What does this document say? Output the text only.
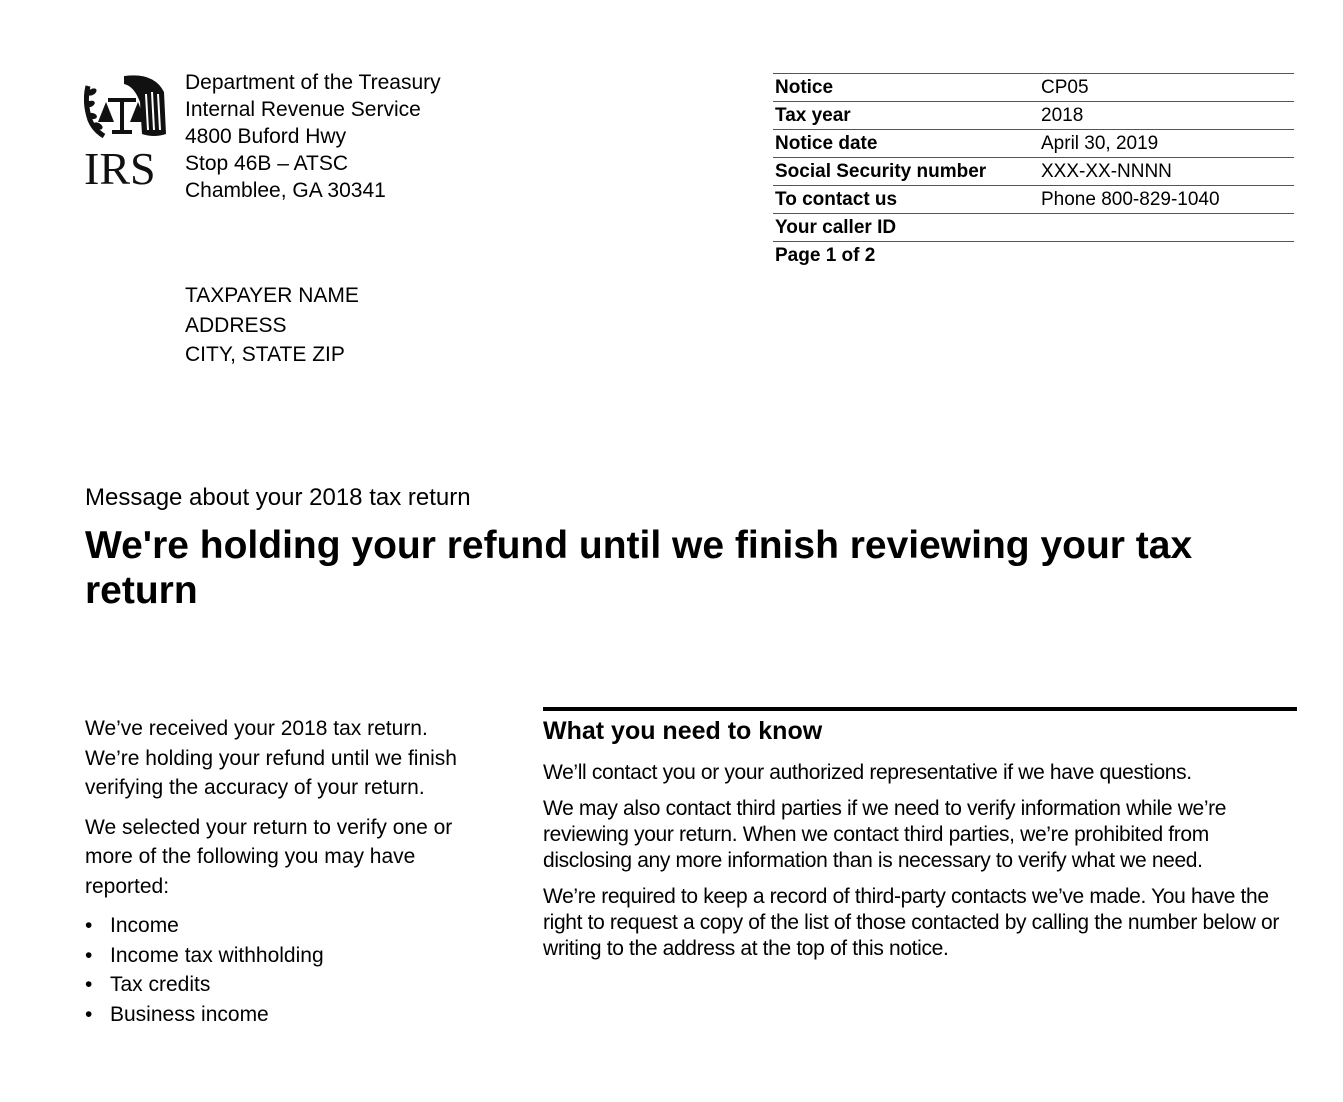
IRS
Department of the Treasury
Internal Revenue Service
4800 Buford Hwy
Stop 46B – ATSC
Chamblee, GA 30341
Notice	CP05
Tax year	2018
Notice date	April 30, 2019
Social Security number	XXX-XX-NNNN
To contact us	Phone 800-829-1040
Your caller ID	
Page 1 of 2	
TAXPAYER NAME
ADDRESS
CITY, STATE ZIP
Message about your 2018 tax return
We're holding your refund until we finish reviewing your tax return

We’ve received your 2018 tax return. We’re holding your refund until we finish verifying the accuracy of your return.

We selected your return to verify one or more of the following you may have reported:

• Income
• Income tax withholding
• Tax credits
• Business income
What you need to know

We’ll contact you or your authorized representative if we have questions.

We may also contact third parties if we need to verify information while we’re reviewing your return. When we contact third parties, we’re prohibited from disclosing any more information than is necessary to verify what we need.

We’re required to keep a record of third-party contacts we’ve made. You have the right to request a copy of the list of those contacted by calling the number below or writing to the address at the top of this notice.
